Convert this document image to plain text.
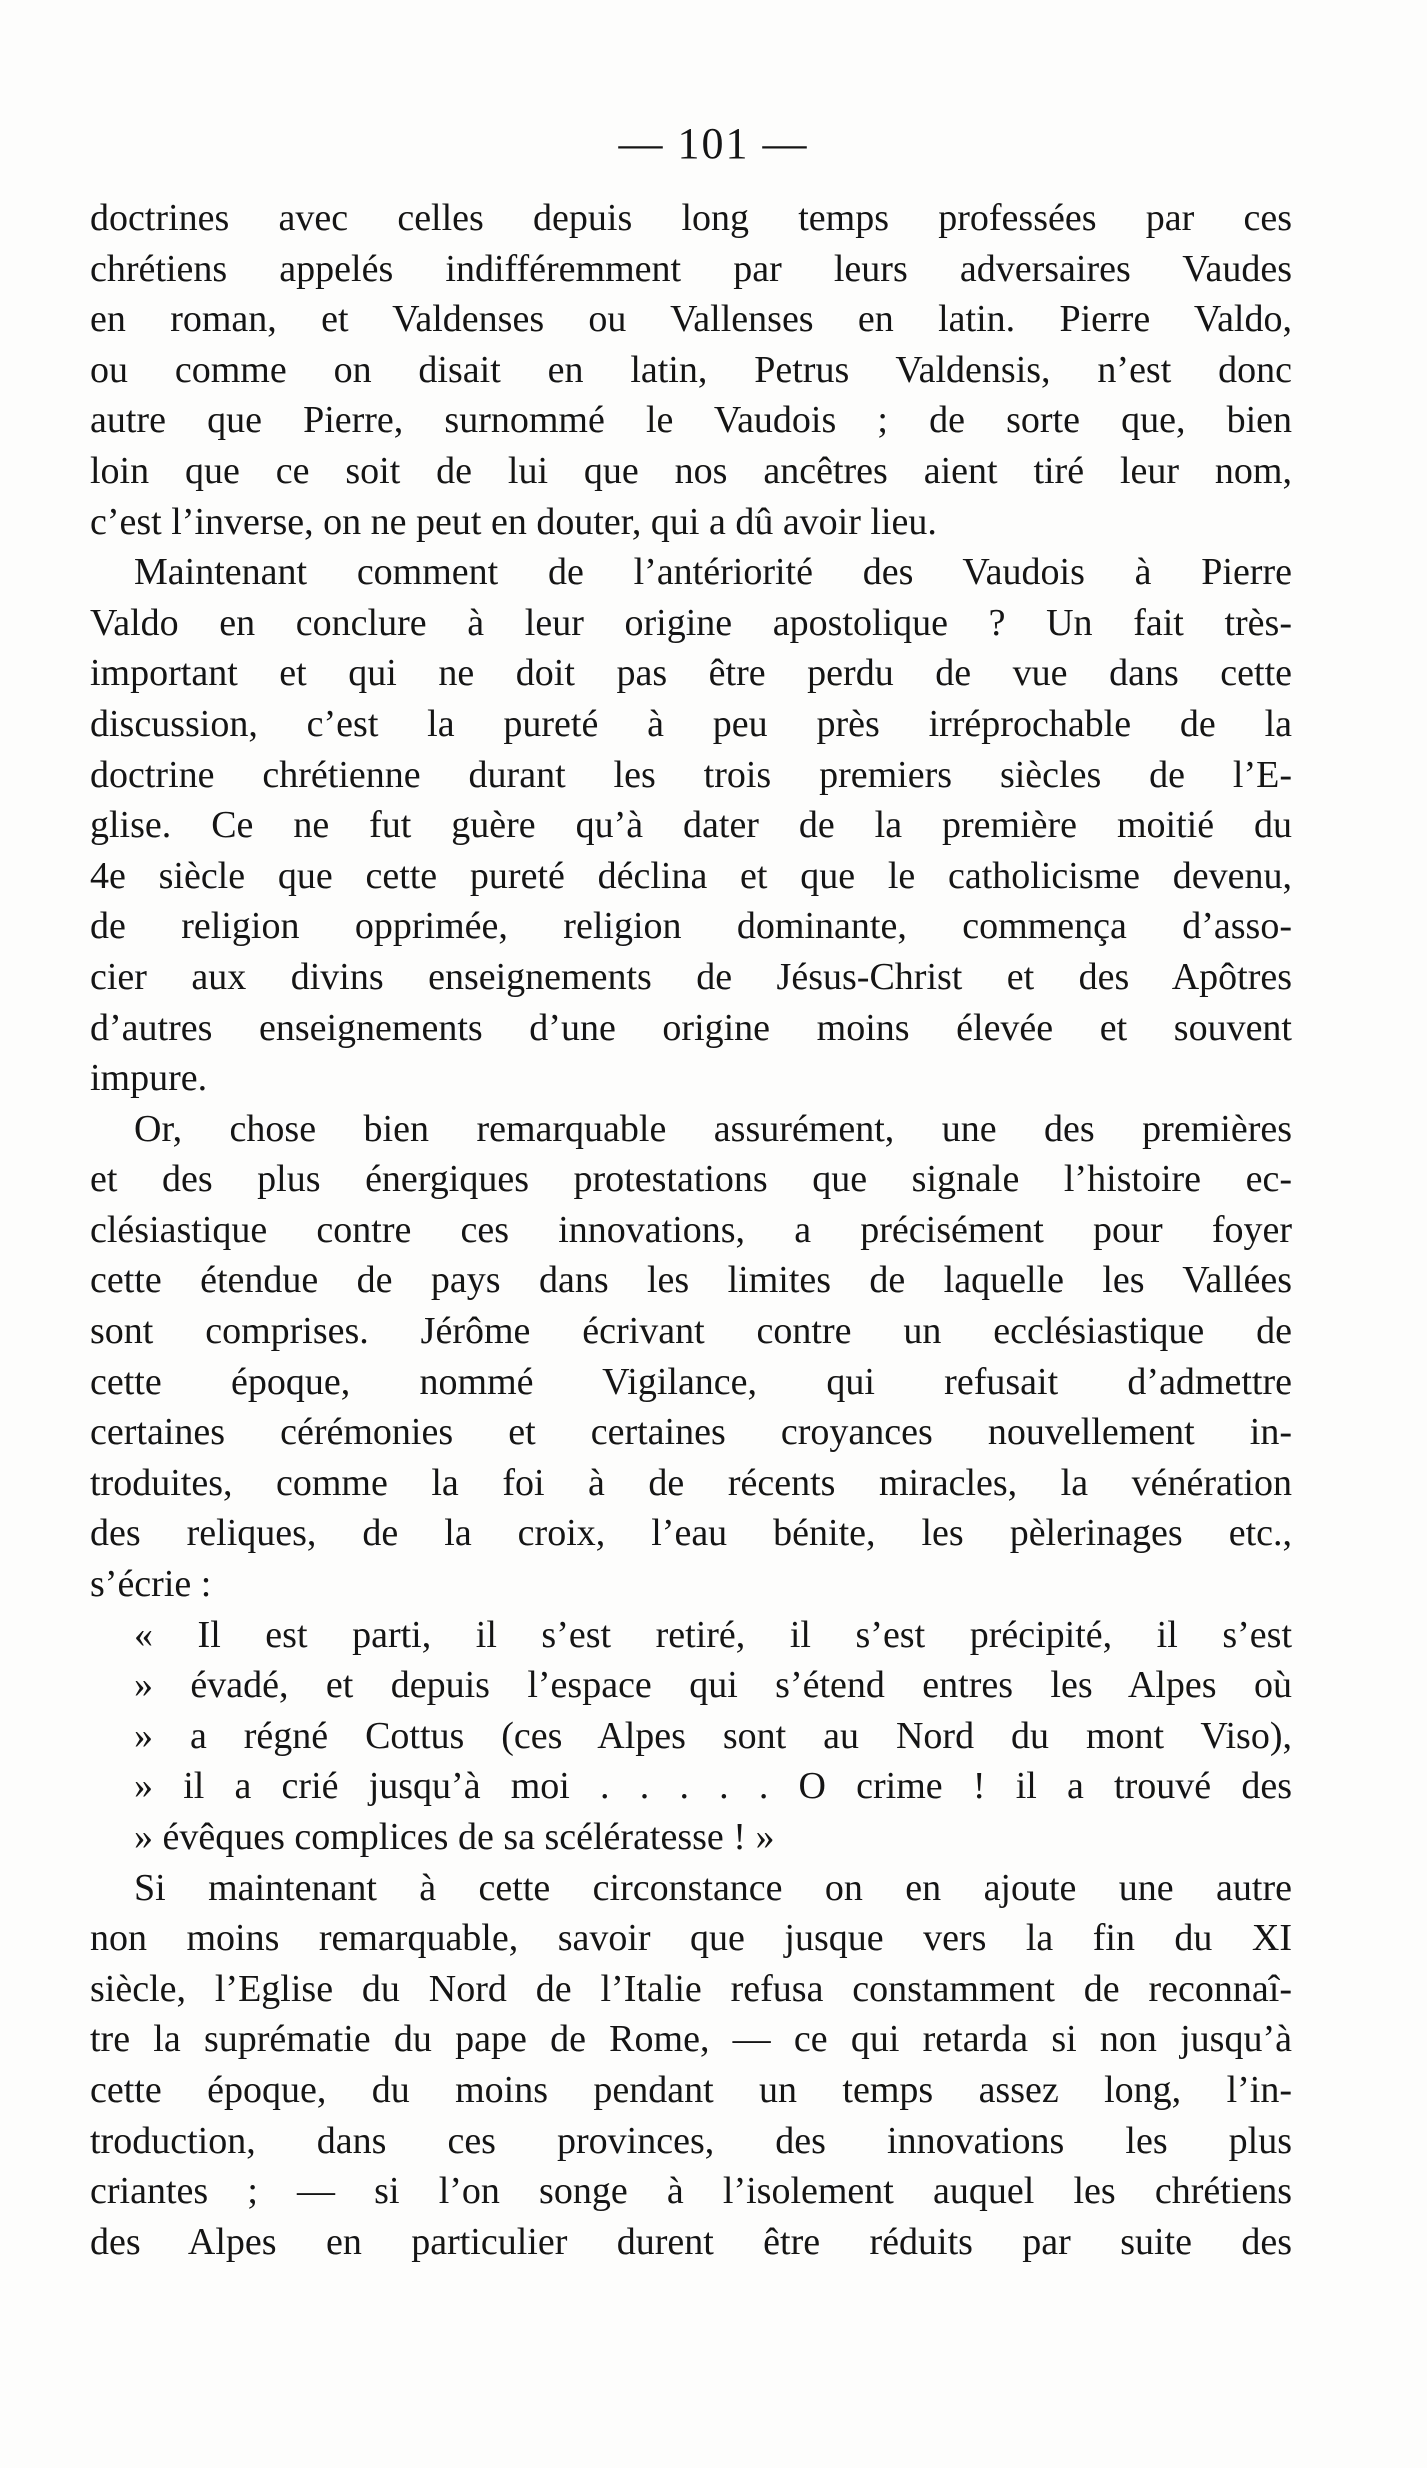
— 101 —
doctrines avec celles depuis long temps professées par ces
chrétiens appelés indifféremment par leurs adversaires Vaudes
en roman, et Valdenses ou Vallenses en latin. Pierre Valdo,
ou comme on disait en latin, Petrus Valdensis, n’est donc
autre que Pierre, surnommé le Vaudois ; de sorte que, bien
loin que ce soit de lui que nos ancêtres aient tiré leur nom,
c’est l’inverse, on ne peut en douter, qui a dû avoir lieu.
Maintenant comment de l’antériorité des Vaudois à Pierre
Valdo en conclure à leur origine apostolique ? Un fait très-
important et qui ne doit pas être perdu de vue dans cette
discussion, c’est la pureté à peu près irréprochable de la
doctrine chrétienne durant les trois premiers siècles de l’E-
glise. Ce ne fut guère qu’à dater de la première moitié du
4e siècle que cette pureté déclina et que le catholicisme devenu,
de religion opprimée, religion dominante, commença d’asso-
cier aux divins enseignements de Jésus-Christ et des Apôtres
d’autres enseignements d’une origine moins élevée et souvent
impure.
Or, chose bien remarquable assurément, une des premières
et des plus énergiques protestations que signale l’histoire ec-
clésiastique contre ces innovations, a précisément pour foyer
cette étendue de pays dans les limites de laquelle les Vallées
sont comprises. Jérôme écrivant contre un ecclésiastique de
cette époque, nommé Vigilance, qui refusait d’admettre
certaines cérémonies et certaines croyances nouvellement in-
troduites, comme la foi à de récents miracles, la vénération
des reliques, de la croix, l’eau bénite, les pèlerinages etc.,
s’écrie :
« Il est parti, il s’est retiré, il s’est précipité, il s’est
» évadé, et depuis l’espace qui s’étend entres les Alpes où
» a régné Cottus (ces Alpes sont au Nord du mont Viso),
» il a crié jusqu’à moi . . . . . O crime ! il a trouvé des
» évêques complices de sa scélératesse ! »
Si maintenant à cette circonstance on en ajoute une autre
non moins remarquable, savoir que jusque vers la fin du XI
siècle, l’Eglise du Nord de l’Italie refusa constamment de reconnaî-
tre la suprématie du pape de Rome, — ce qui retarda si non jusqu’à
cette époque, du moins pendant un temps assez long, l’in-
troduction, dans ces provinces, des innovations les plus
criantes ; — si l’on songe à l’isolement auquel les chrétiens
des Alpes en particulier durent être réduits par suite des
